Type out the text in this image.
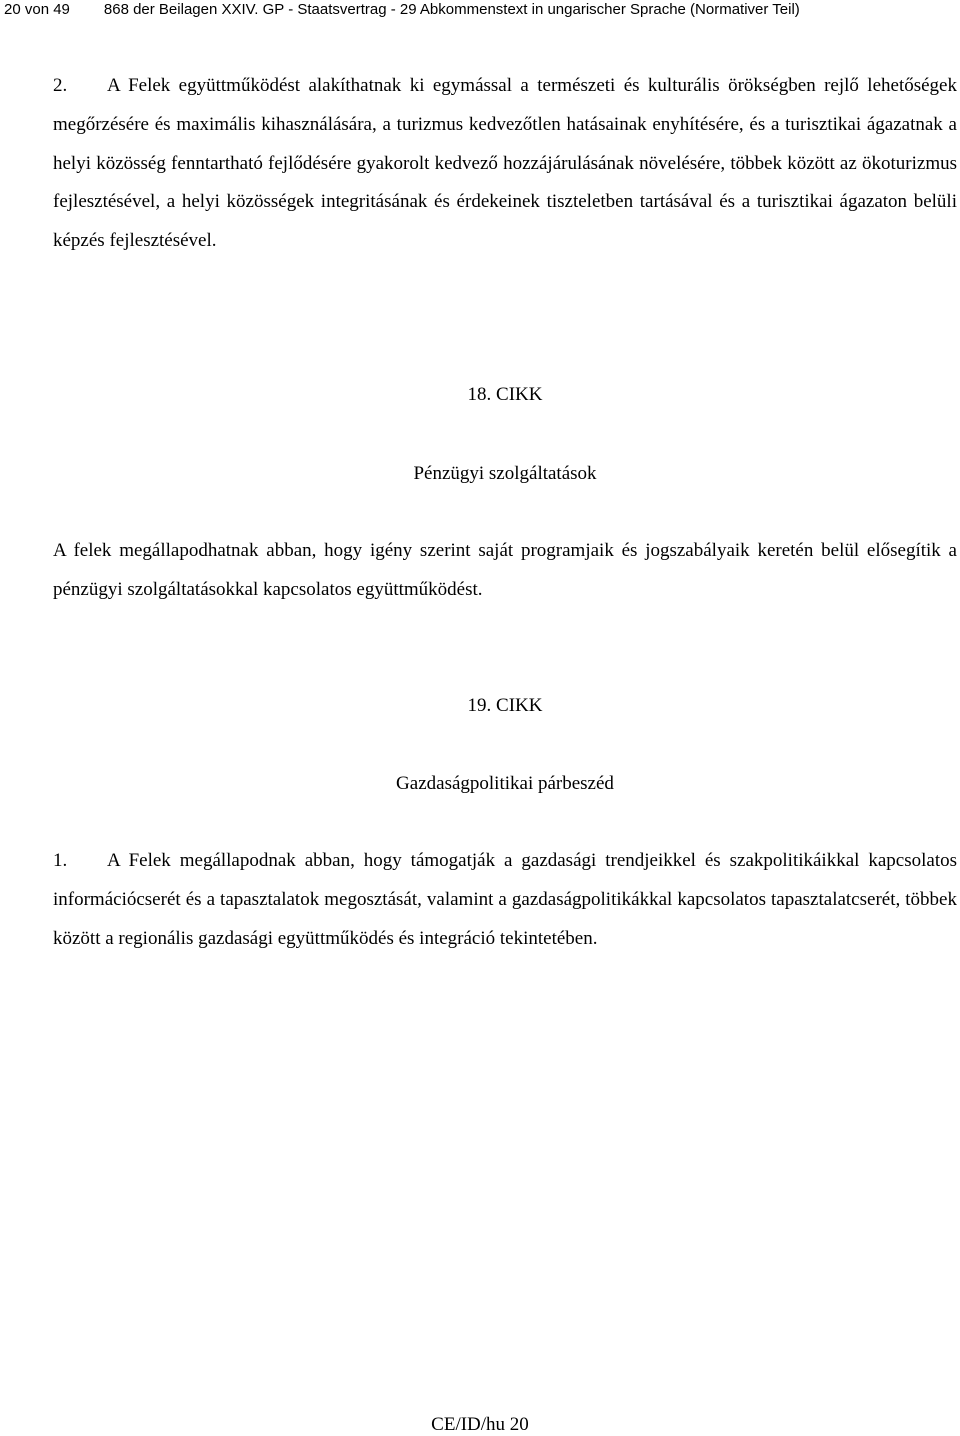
20 von 49 868 der Beilagen XXIV. GP - Staatsvertrag - 29 Abkommenstext in ungarischer Sprache (Normativer Teil)

2. A Felek együttműködést alakíthatnak ki egymással a természeti és kulturális örökségben rejlő lehetőségek megőrzésére és maximális kihasználására, a turizmus kedvezőtlen hatásainak enyhítésére, és a turisztikai ágazatnak a helyi közösség fenntartható fejlődésére gyakorolt kedvező hozzájárulásának növelésére, többek között az ökoturizmus fejlesztésével, a helyi közösségek integritásának és érdekeinek tiszteletben tartásával és a turisztikai ágazaton belüli képzés fejlesztésével.

18. CIKK
Pénzügyi szolgáltatások

A felek megállapodhatnak abban, hogy igény szerint saját programjaik és jogszabályaik keretén belül elősegítik a pénzügyi szolgáltatásokkal kapcsolatos együttműködést.

19. CIKK
Gazdaságpolitikai párbeszéd

1. A Felek megállapodnak abban, hogy támogatják a gazdasági trendjeikkel és szakpolitikáikkal kapcsolatos információcserét és a tapasztalatok megosztását, valamint a gazdaságpolitikákkal kapcsolatos tapasztalatcserét, többek között a regionális gazdasági együttműködés és integráció tekintetében.

CE/ID/hu 20
